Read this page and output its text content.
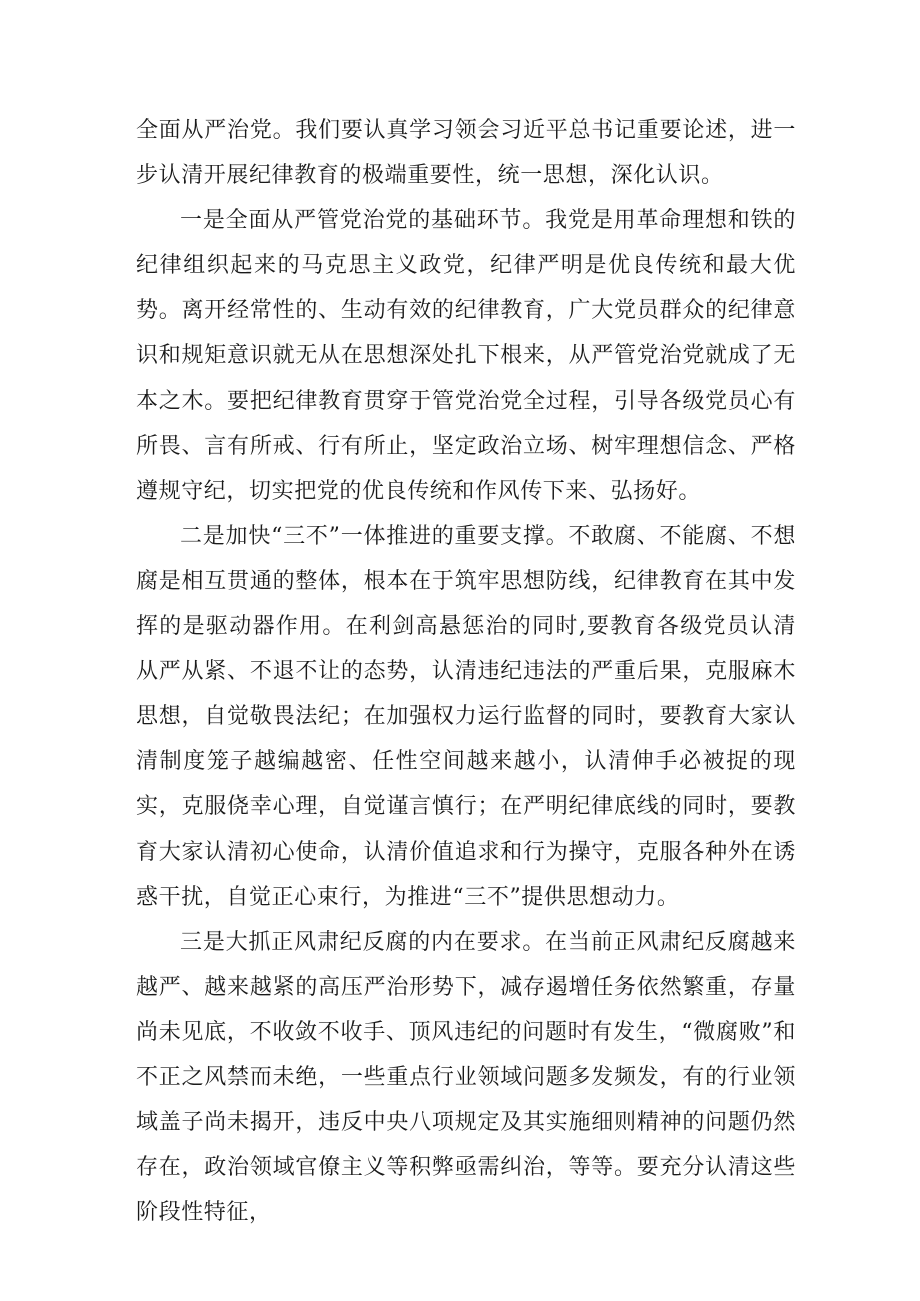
全面从严治党。我们要认真学习领会习近平总书记重要论述，进一步认清开展纪律教育的极端重要性，统一思想，深化认识。

一是全面从严管党治党的基础环节。我党是用革命理想和铁的纪律组织起来的马克思主义政党，纪律严明是优良传统和最大优势。离开经常性的、生动有效的纪律教育，广大党员群众的纪律意识和规矩意识就无从在思想深处扎下根来，从严管党治党就成了无本之木。要把纪律教育贯穿于管党治党全过程，引导各级党员心有所畏、言有所戒、行有所止，坚定政治立场、树牢理想信念、严格遵规守纪，切实把党的优良传统和作风传下来、弘扬好。

二是加快“三不”一体推进的重要支撑。不敢腐、不能腐、不想腐是相互贯通的整体，根本在于筑牢思想防线，纪律教育在其中发挥的是驱动器作用。在利剑高悬惩治的同时,要教育各级党员认清从严从紧、不退不让的态势，认清违纪违法的严重后果，克服麻木思想，自觉敬畏法纪；在加强权力运行监督的同时，要教育大家认清制度笼子越编越密、任性空间越来越小，认清伸手必被捉的现实，克服侥幸心理，自觉谨言慎行；在严明纪律底线的同时，要教育大家认清初心使命，认清价值追求和行为操守，克服各种外在诱惑干扰，自觉正心束行，为推进“三不”提供思想动力。

三是大抓正风肃纪反腐的内在要求。在当前正风肃纪反腐越来越严、越来越紧的高压严治形势下，减存遏增任务依然繁重，存量尚未见底，不收敛不收手、顶风违纪的问题时有发生，“微腐败”和不正之风禁而未绝，一些重点行业领域问题多发频发，有的行业领域盖子尚未揭开，违反中央八项规定及其实施细则精神的问题仍然存在，政治领域官僚主义等积弊亟需纠治，等等。要充分认清这些阶段性特征，
